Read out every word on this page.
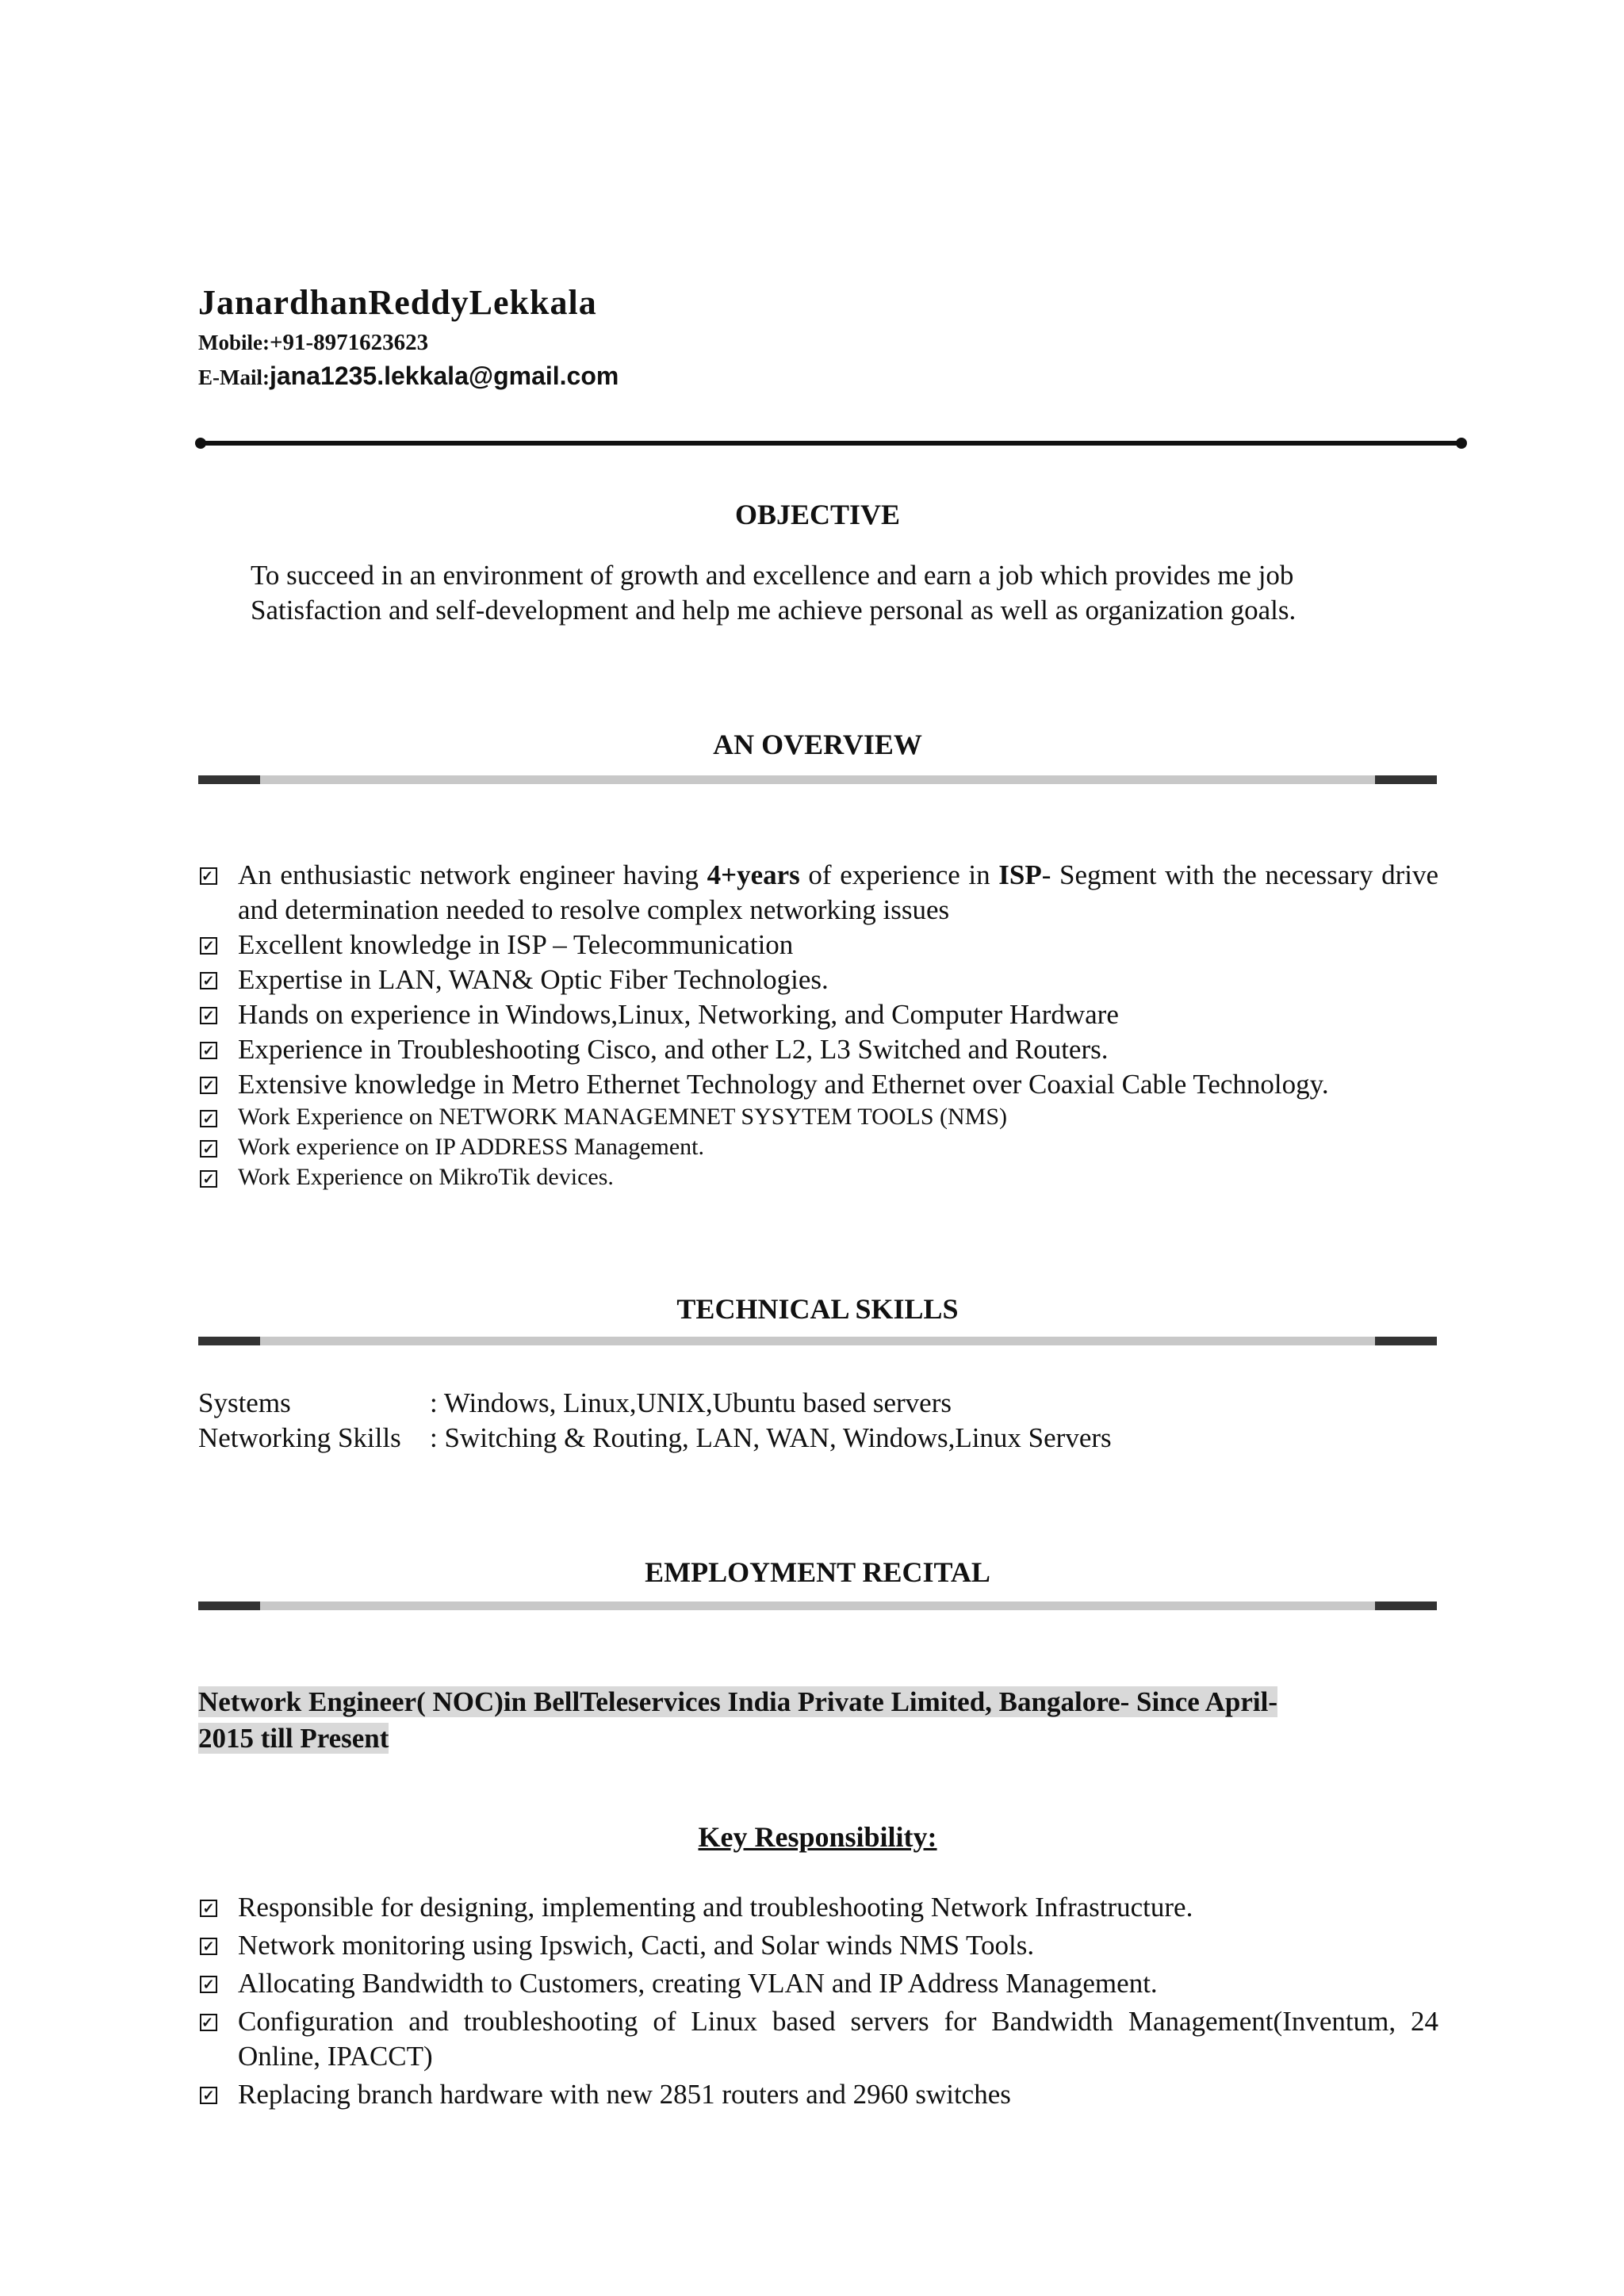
JanardhanReddyLekkala
Mobile:+91-8971623623
E-Mail:jana1235.lekkala@gmail.com
OBJECTIVE

To succeed in an environment of growth and excellence and earn a job which provides me job

Satisfaction and self-development and help me achieve personal as well as organization goals.

AN OVERVIEW
✓ An enthusiastic network engineer having 4+years of experience in ISP- Segment with the necessary drive and determination needed to resolve complex networking issues
✓ Excellent knowledge in ISP – Telecommunication
✓ Expertise in LAN, WAN& Optic Fiber Technologies.
✓ Hands on experience in Windows,Linux, Networking, and Computer Hardware
✓ Experience in Troubleshooting Cisco, and other L2, L3 Switched and Routers.
✓ Extensive knowledge in Metro Ethernet Technology and Ethernet over Coaxial Cable Technology.
✓ Work Experience on NETWORK MANAGEMNET SYSYTEM TOOLS (NMS)
✓ Work experience on IP ADDRESS Management.
✓ Work Experience on MikroTik devices.
TECHNICAL SKILLS
Systems	: Windows, Linux,UNIX,Ubuntu based servers
Networking Skills : Switching & Routing, LAN, WAN, Windows,Linux Servers
EMPLOYMENT RECITAL
Network Engineer( NOC)in BellTeleservices India Private Limited, Bangalore- Since April-
2015 till Present
Key Responsibility:
✓ Responsible for designing, implementing and troubleshooting Network Infrastructure.
✓ Network monitoring using Ipswich, Cacti, and Solar winds NMS Tools.
✓ Allocating Bandwidth to Customers, creating VLAN and IP Address Management.
✓ Configuration and troubleshooting of Linux based servers for Bandwidth Management(Inventum, 24 Online, IPACCT)
✓ Replacing branch hardware with new 2851 routers and 2960 switches
